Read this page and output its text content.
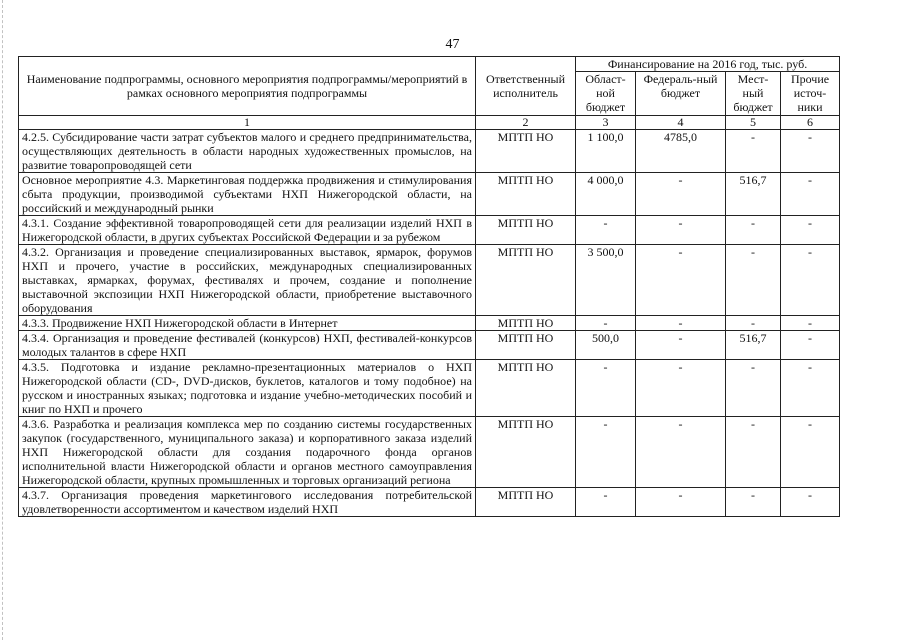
47
Наименование подпрограммы, основного мероприятия подпрограммы/мероприятий в рамках основного мероприятия подпрограммы	Ответственный исполнитель	Финансирование на 2016 год, тыс. руб.			
		Област-ной бюджет	Федераль-ный бюджет	Мест-ный бюджет	Прочие источ-ники
1	2	3	4	5	6
4.2.5. Субсидирование части затрат субъектов малого и среднего предпринимательства, осуществляющих деятельность в области народных художественных промыслов, на развитие товаропроводящей сети	МПТП НО	1 100,0	4785,0	-	-
Основное мероприятие 4.3. Маркетинговая поддержка продвижения и стимулирования сбыта продукции, производимой субъектами НХП Нижегородской области, на российский и международный рынки	МПТП НО	4 000,0	-	516,7	-
4.3.1. Создание эффективной товаропроводящей сети для реализации изделий НХП в Нижегородской области, в других субъектах Российской Федерации и за рубежом	МПТП НО	-	-	-	-
4.3.2. Организация и проведение специализированных выставок, ярмарок, форумов НХП и прочего, участие в российских, международных специализированных выставках, ярмарках, форумах, фестивалях и прочем, создание и пополнение выставочной экспозиции НХП Нижегородской области, приобретение выставочного оборудования	МПТП НО	3 500,0	-	-	-
4.3.3. Продвижение НХП Нижегородской области в Интернет	МПТП НО	-	-	-	-
4.3.4. Организация и проведение фестивалей (конкурсов) НХП, фестивалей-конкурсов молодых талантов в сфере НХП	МПТП НО	500,0	-	516,7	-
4.3.5. Подготовка и издание рекламно-презентационных материалов о НХП Нижегородской области (CD-, DVD-дисков, буклетов, каталогов и тому подобное) на русском и иностранных языках; подготовка и издание учебно-методических пособий и книг по НХП и прочего	МПТП НО	-	-	-	-
4.3.6. Разработка и реализация комплекса мер по созданию системы государственных закупок (государственного, муниципального заказа) и корпоративного заказа изделий НХП Нижегородской области для создания подарочного фонда органов исполнительной власти Нижегородской области и органов местного самоуправления Нижегородской области, крупных промышленных и торговых организаций региона	МПТП НО	-	-	-	-
4.3.7. Организация проведения маркетингового исследования потребительской удовлетворенности ассортиментом и качеством изделий НХП	МПТП НО	-	-	-	-
